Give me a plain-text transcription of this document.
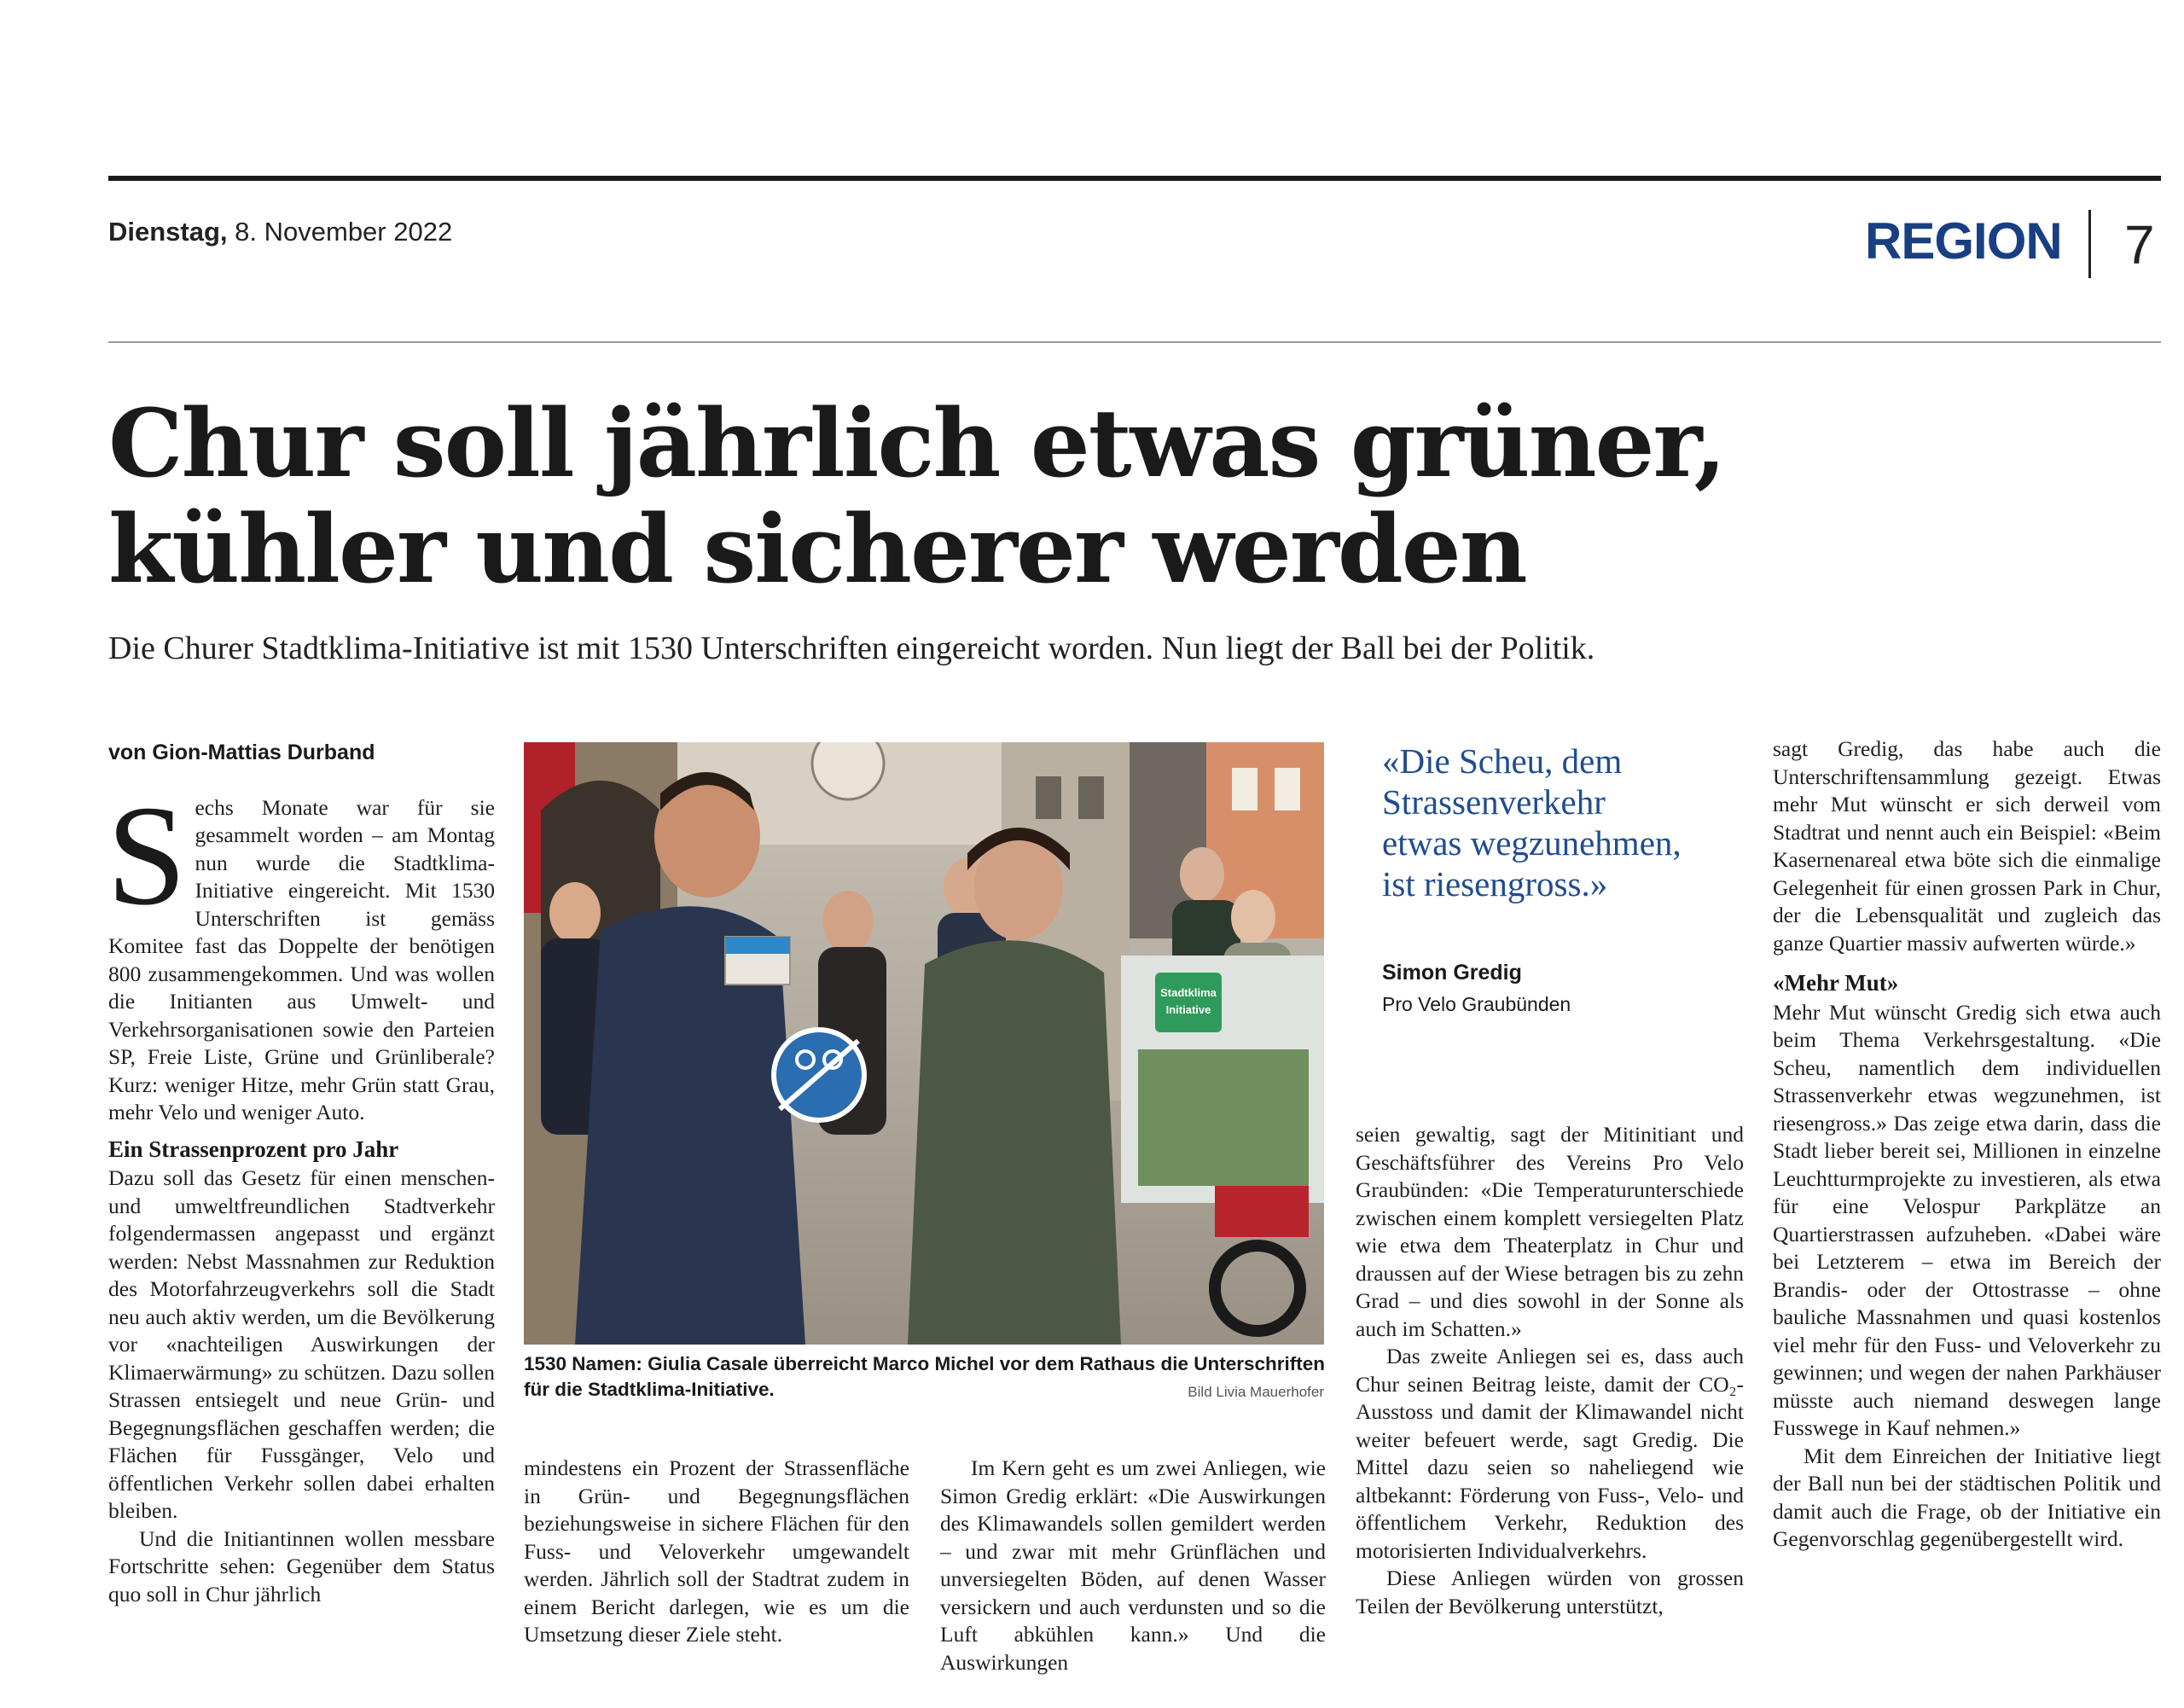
Dienstag, 8. November 2022	REGION 7
Chur soll jährlich etwas grüner,
kühler und sicherer werden
Die Churer Stadtklima-Initiative ist mit 1530 Unterschriften eingereicht worden. Nun liegt der Ball bei der Politik.
von Gion-Mattias Durband
S echs Monate war für sie gesammelt worden – am Montag nun wurde die Stadtklima-Initiative eingereicht. Mit 1530 Unterschriften ist gemäss Komitee fast das Doppelte der benötigen 800 zusammengekommen. Und was wollen die Initianten aus Umwelt- und Verkehrsorganisationen sowie den Parteien SP, Freie Liste, Grüne und Grünliberale? Kurz: weniger Hitze, mehr Grün statt Grau, mehr Velo und weniger Auto.

Ein Strassenprozent pro Jahr

Dazu soll das Gesetz für einen menschen- und umweltfreundlichen Stadtverkehr folgendermassen angepasst und ergänzt werden: Nebst Massnahmen zur Reduktion des Motorfahrzeugverkehrs soll die Stadt neu auch aktiv werden, um die Bevölkerung vor «nachteiligen Auswirkungen der Klimaerwärmung» zu schützen. Dazu sollen Strassen entsiegelt und neue Grün- und Begegnungsflächen geschaffen werden; die Flächen für Fussgänger, Velo und öffentlichen Verkehr sollen dabei erhalten bleiben.

Und die Initiantinnen wollen messbare Fortschritte sehen: Gegenüber dem Status quo soll in Chur jährlich

Stadtklima
Initiative
1530 Namen: Giulia Casale überreicht Marco Michel vor dem Rathaus die Unterschriften für die Stadtklima-Initiative.	Bild Livia Mauerhofer

mindestens ein Prozent der Strassenfläche in Grün- und Begegnungsflächen beziehungsweise in sichere Flächen für den Fuss- und Veloverkehr umgewandelt werden. Jährlich soll der Stadtrat zudem in einem Bericht darlegen, wie es um die Umsetzung dieser Ziele steht.

Im Kern geht es um zwei Anliegen, wie Simon Gredig erklärt: «Die Auswirkungen des Klimawandels sollen gemildert werden – und zwar mit mehr Grünflächen und unversiegelten Böden, auf denen Wasser versickern und auch verdunsten und so die Luft abkühlen kann.» Und die Auswirkungen

«Die Scheu, dem Strassenverkehr etwas wegzunehmen, ist riesengross.»
Simon Gredig
Pro Velo Graubünden

seien gewaltig, sagt der Mitinitiant und Geschäftsführer des Vereins Pro Velo Graubünden: «Die Temperaturunterschiede zwischen einem komplett versiegelten Platz wie etwa dem Theaterplatz in Chur und draussen auf der Wiese betragen bis zu zehn Grad – und dies sowohl in der Sonne als auch im Schatten.»

Das zweite Anliegen sei es, dass auch Chur seinen Beitrag leiste, damit der CO₂-Ausstoss und damit der Klimawandel nicht weiter befeuert werde, sagt Gredig. Die Mittel dazu seien so naheliegend wie altbekannt: Förderung von Fuss-, Velo- und öffentlichem Verkehr, Reduktion des motorisierten Individualverkehrs.

Diese Anliegen würden von grossen Teilen der Bevölkerung unterstützt,

sagt Gredig, das habe auch die Unterschriftensammlung gezeigt. Etwas mehr Mut wünscht er sich derweil vom Stadtrat und nennt auch ein Beispiel: «Beim Kasernenareal etwa böte sich die einmalige Gelegenheit für einen grossen Park in Chur, der die Lebensqualität und zugleich das ganze Quartier massiv aufwerten würde.»

«Mehr Mut»

Mehr Mut wünscht Gredig sich etwa auch beim Thema Verkehrsgestaltung. «Die Scheu, namentlich dem individuellen Strassenverkehr etwas wegzunehmen, ist riesengross.» Das zeige etwa darin, dass die Stadt lieber bereit sei, Millionen in einzelne Leuchtturmprojekte zu investieren, als etwa für eine Velospur Parkplätze an Quartierstrassen aufzuheben. «Dabei wäre bei Letzterem – etwa im Bereich der Brandis- oder der Ottostrasse – ohne bauliche Massnahmen und quasi kostenlos viel mehr für den Fuss- und Veloverkehr zu gewinnen; und wegen der nahen Parkhäuser müsste auch niemand deswegen lange Fusswege in Kauf nehmen.»

Mit dem Einreichen der Initiative liegt der Ball nun bei der städtischen Politik und damit auch die Frage, ob der Initiative ein Gegenvorschlag gegenübergestellt wird.
